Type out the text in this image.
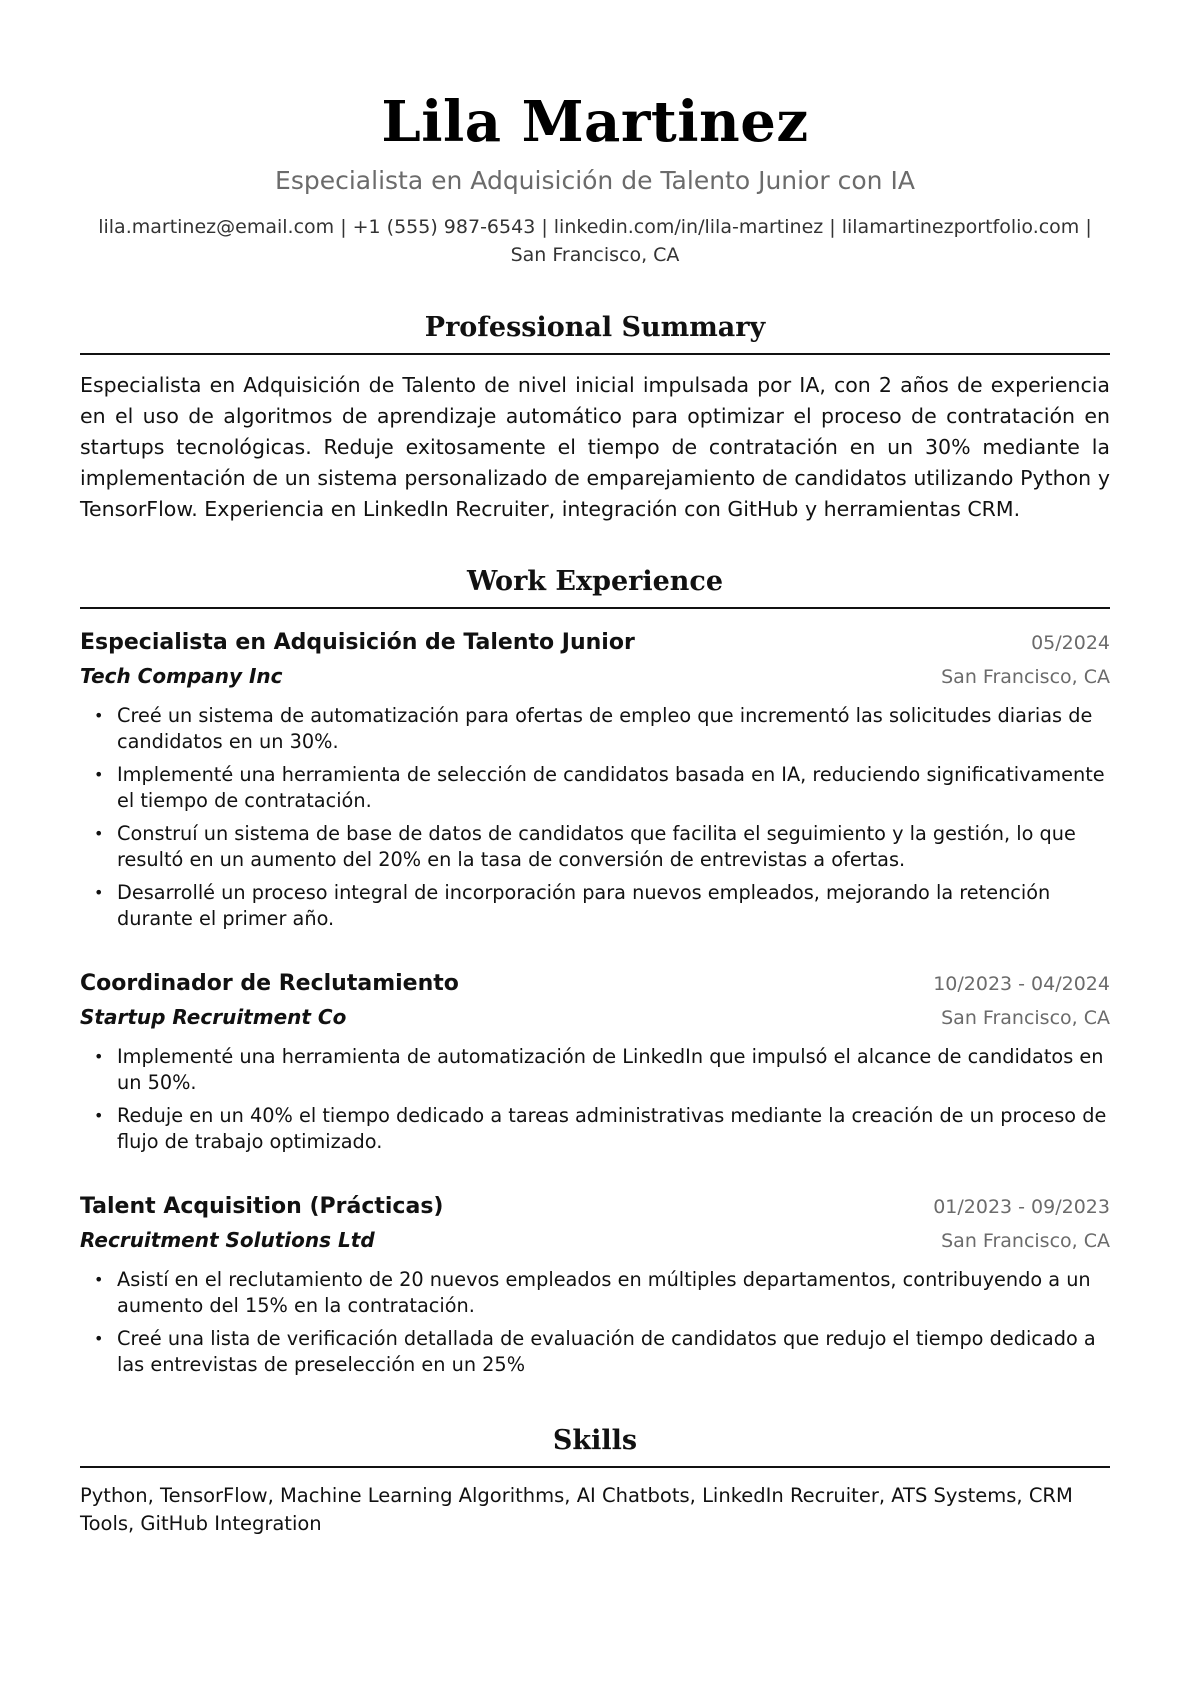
Lila Martinez
Especialista en Adquisición de Talento Junior con IA
lila.martinez@email.com | +1 (555) 987-6543 | linkedin.com/in/lila-martinez | lilamartinezportfolio.com | San Francisco, CA
Professional Summary

Especialista en Adquisición de Talento de nivel inicial impulsada por IA, con 2 años de experiencia en el uso de algoritmos de aprendizaje automático para optimizar el proceso de contratación en startups tecnológicas. Reduje exitosamente el tiempo de contratación en un 30% mediante la implementación de un sistema personalizado de emparejamiento de candidatos utilizando Python y TensorFlow. Experiencia en LinkedIn Recruiter, integración con GitHub y herramientas CRM.

Work Experience
Especialista en Adquisición de Talento Junior	05/2024
Tech Company Inc	San Francisco, CA
• Creé un sistema de automatización para ofertas de empleo que incrementó las solicitudes diarias de candidatos en un 30%.
• Implementé una herramienta de selección de candidatos basada en IA, reduciendo significativamente el tiempo de contratación.
• Construí un sistema de base de datos de candidatos que facilita el seguimiento y la gestión, lo que resultó en un aumento del 20% en la tasa de conversión de entrevistas a ofertas.
• Desarrollé un proceso integral de incorporación para nuevos empleados, mejorando la retención durante el primer año.
Coordinador de Reclutamiento	10/2023 - 04/2024
Startup Recruitment Co	San Francisco, CA
• Implementé una herramienta de automatización de LinkedIn que impulsó el alcance de candidatos en un 50%.
• Reduje en un 40% el tiempo dedicado a tareas administrativas mediante la creación de un proceso de flujo de trabajo optimizado.
Talent Acquisition (Prácticas)	01/2023 - 09/2023
Recruitment Solutions Ltd	San Francisco, CA
• Asistí en el reclutamiento de 20 nuevos empleados en múltiples departamentos, contribuyendo a un aumento del 15% en la contratación.
• Creé una lista de verificación detallada de evaluación de candidatos que redujo el tiempo dedicado a las entrevistas de preselección en un 25%
Skills

Python, TensorFlow, Machine Learning Algorithms, AI Chatbots, LinkedIn Recruiter, ATS Systems, CRM Tools, GitHub Integration
